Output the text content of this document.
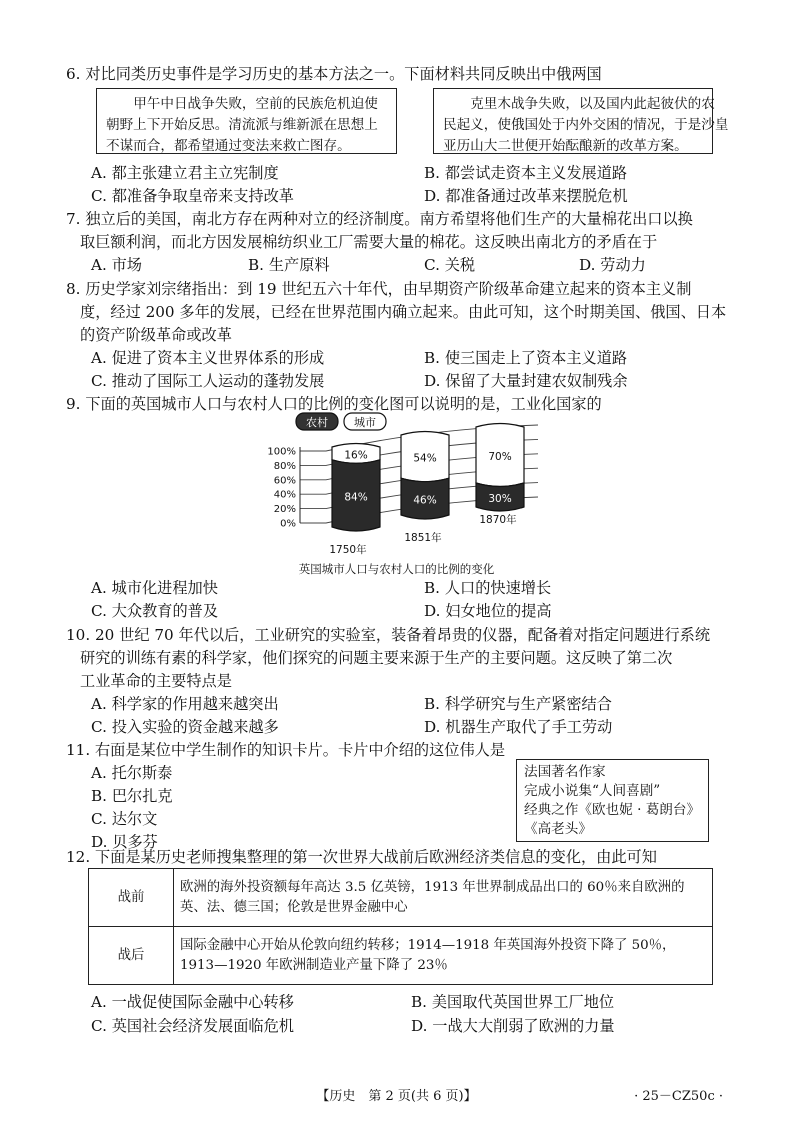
6. 对比同类历史事件是学习历史的基本方法之一。下面材料共同反映出中俄两国
甲午中日战争失败，空前的民族危机迫使
朝野上下开始反思。清流派与维新派在思想上
不谋而合，都希望通过变法来救亡图存。
克里木战争失败，以及国内此起彼伏的农
民起义，使俄国处于内外交困的情况，于是沙皇
亚历山大二世便开始酝酿新的改革方案。
A. 都主张建立君主立宪制度	B. 都尝试走资本主义发展道路
C. 都准备争取皇帝来支持改革	D. 都准备通过改革来摆脱危机
7. 独立后的美国，南北方存在两种对立的经济制度。南方希望将他们生产的大量棉花出口以换
取巨额利润，而北方因发展棉纺织业工厂需要大量的棉花。这反映出南北方的矛盾在于
A. 市场	B. 生产原料	C. 关税	D. 劳动力
8. 历史学家刘宗绪指出：到 19 世纪五六十年代，由早期资产阶级革命建立起来的资本主义制
度，经过 200 多年的发展，已经在世界范围内确立起来。由此可知，这个时期美国、俄国、日本
的资产阶级革命或改革
A. 促进了资本主义世界体系的形成	B. 使三国走上了资本主义道路
C. 推动了国际工人运动的蓬勃发展	D. 保留了大量封建农奴制残余
9. 下面的英国城市人口与农村人口的比例的变化图可以说明的是，工业化国家的
农村 城市
100%
80%
60%
40%
20%
0%
16%
84%
54%
46%
70%
30%
1750年
1851年
1870年
英国城市人口与农村人口的比例的变化
A. 城市化进程加快	B. 人口的快速增长
C. 大众教育的普及	D. 妇女地位的提高
10. 20 世纪 70 年代以后，工业研究的实验室，装备着昂贵的仪器，配备着对指定问题进行系统
研究的训练有素的科学家，他们探究的问题主要来源于生产的主要问题。这反映了第二次
工业革命的主要特点是
A. 科学家的作用越来越突出	B. 科学研究与生产紧密结合
C. 投入实验的资金越来越多	D. 机器生产取代了手工劳动
11. 右面是某位中学生制作的知识卡片。卡片中介绍的这位伟人是
A. 托尔斯泰
B. 巴尔扎克
C. 达尔文
D. 贝多芬
法国著名作家
完成小说集“人间喜剧”
经典之作《欧也妮 · 葛朗台》
《高老头》
12. 下面是某历史老师搜集整理的第一次世界大战前后欧洲经济类信息的变化，由此可知
战前	欧洲的海外投资额每年高达 3.5 亿英镑，1913 年世界制成品出口的 60％来自欧洲的
英、法、德三国；伦敦是世界金融中心

战后	国际金融中心开始从伦敦向纽约转移；1914—1918 年英国海外投资下降了 50％，
1913—1920 年欧洲制造业产量下降了 23％
A. 一战促使国际金融中心转移	B. 美国取代英国世界工厂地位
C. 英国社会经济发展面临危机	D. 一战大大削弱了欧洲的力量
【历史　第 2 页(共 6 页)】	· 25－CZ50c ·
